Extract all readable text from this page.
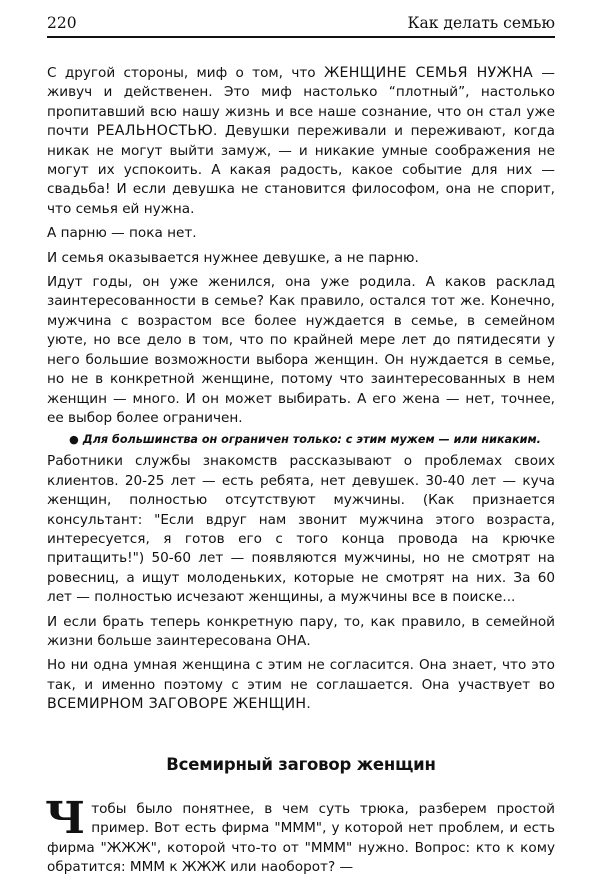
220	Как делать семью

С другой стороны, миф о том, что ЖЕНЩИНЕ СЕМЬЯ НУЖНА — живуч и действенен. Это миф настолько “плотный”, настолько пропитавший всю нашу жизнь и все наше сознание, что он стал уже почти РЕАЛЬНОСТЬЮ. Девушки переживали и переживают, когда никак не могут выйти замуж, — и никакие умные соображения не могут их успокоить. А какая радость, какое событие для них — свадьба! И если девушка не становится философом, она не спорит, что семья ей нужна.

А парню — пока нет.

И семья оказывается нужнее девушке, а не парню.

Идут годы, он уже женился, она уже родила. А каков расклад заинтересованности в семье? Как правило, остался тот же. Конечно, мужчина с возрастом все более нуждается в семье, в семейном уюте, но все дело в том, что по крайней мере лет до пятидесяти у него большие возможности выбора женщин. Он нуждается в семье, но не в конкретной женщине, потому что заинтересованных в нем женщин — много. И он может выбирать. А его жена — нет, точнее, ее выбор более ограничен.

● Для большинства он ограничен только: с этим мужем — или никаким.

Работники службы знакомств рассказывают о проблемах своих клиентов. 20-25 лет — есть ребята, нет девушек. 30-40 лет — куча женщин, полностью отсутствуют мужчины. (Как признается консультант: "Если вдруг нам звонит мужчина этого возраста, интересуется, я готов его с того конца провода на крючке притащить!") 50-60 лет — появляются мужчины, но не смотрят на ровесниц, а ищут молоденьких, которые не смотрят на них. За 60 лет — полностью исчезают женщины, а мужчины все в поиске...

И если брать теперь конкретную пару, то, как правило, в семейной жизни больше заинтересована ОНА.

Но ни одна умная женщина с этим не согласится. Она знает, что это так, и именно поэтому с этим не соглашается. Она участвует во ВСЕМИРНОМ ЗАГОВОРЕ ЖЕНЩИН.

Всемирный заговор женщин

Чтобы было понятнее, в чем суть трюка, разберем простой пример. Вот есть фирма "МММ", у которой нет проблем, и есть фирма "ЖЖЖ", которой что-то от "МММ" нужно. Вопрос: кто к кому обратится: МММ к ЖЖЖ или наоборот? —
